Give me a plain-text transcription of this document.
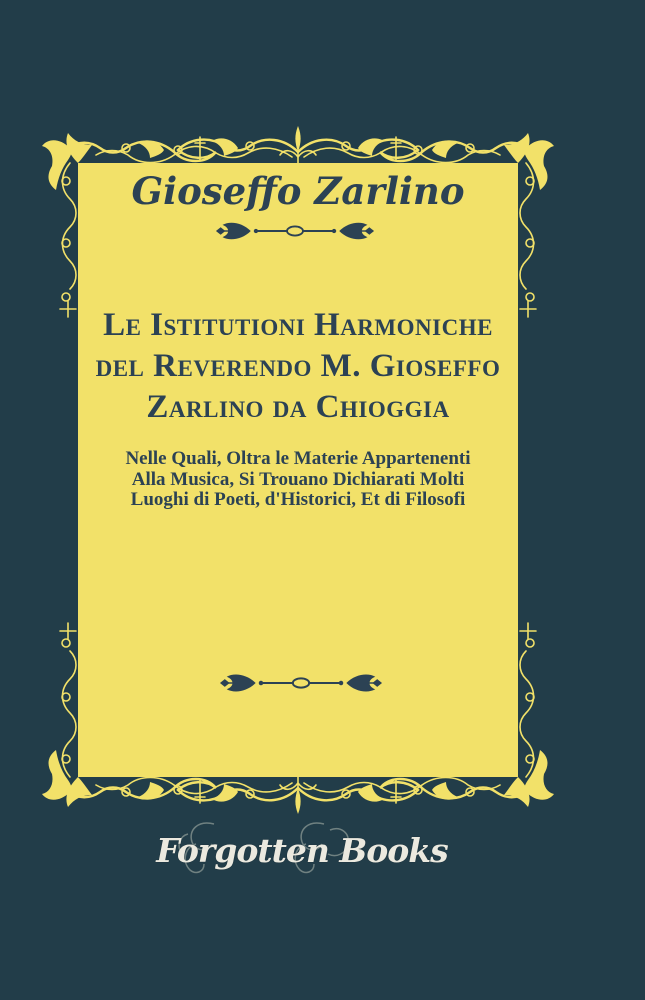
Gioseffo Zarlino
Le Istitutioni Harmoniche
del Reverendo M. Gioseffo
Zarlino da Chioggia
Nelle Quali, Oltra le Materie Appartenenti
Alla Musica, Si Trouano Dichiarati Molti
Luoghi di Poeti, d'Historici, Et di Filosofi
Forgotten Books
